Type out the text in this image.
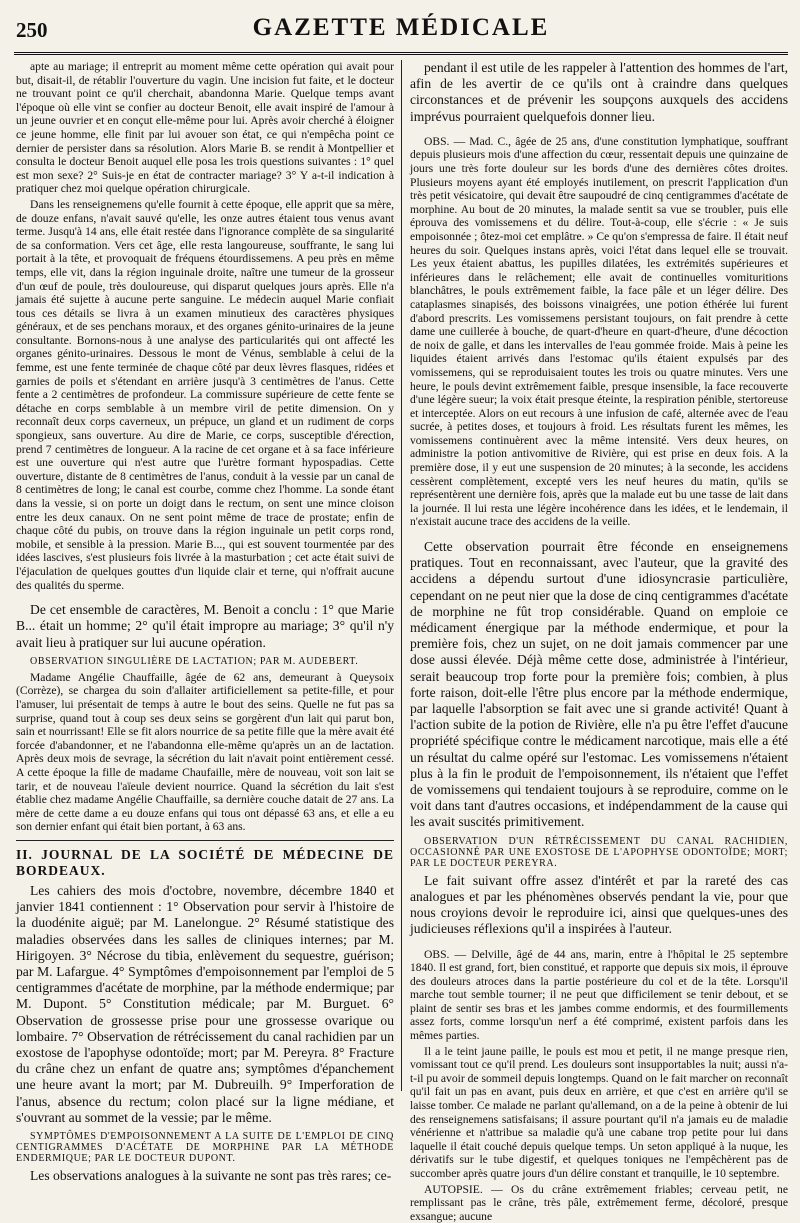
250	GAZETTE MÉDICALE

apte au mariage; il entreprit au moment même cette opération qui avait pour but, disait-il, de rétablir l'ouverture du vagin. Une incision fut faite, et le docteur ne trouvant point ce qu'il cherchait, abandonna Marie. Quelque temps avant l'époque où elle vint se confier au docteur Benoit, elle avait inspiré de l'amour à un jeune ouvrier et en conçut elle-même pour lui. Après avoir cherché à éloigner ce jeune homme, elle finit par lui avouer son état, ce qui n'empêcha point ce dernier de persister dans sa résolution. Alors Marie B. se rendit à Montpellier et consulta le docteur Benoit auquel elle posa les trois questions suivantes : 1° quel est mon sexe? 2° Suis-je en état de contracter mariage? 3° Y a-t-il indication à pratiquer chez moi quelque opération chirurgicale.

Dans les renseignemens qu'elle fournit à cette époque, elle apprit que sa mère, de douze enfans, n'avait sauvé qu'elle, les onze autres étaient tous venus avant terme. Jusqu'à 14 ans, elle était restée dans l'ignorance complète de sa singularité de sa conformation. Vers cet âge, elle resta langoureuse, souffrante, le sang lui portait à la tête, et provoquait de fréquens étourdissemens. A peu près en même temps, elle vit, dans la région inguinale droite, naître une tumeur de la grosseur d'un œuf de poule, très douloureuse, qui disparut quelques jours après. Elle n'a jamais été sujette à aucune perte sanguine. Le médecin auquel Marie confiait tous ces détails se livra à un examen minutieux des caractères physiques généraux, et de ses penchans moraux, et des organes génito-urinaires de la jeune consultante. Bornons-nous à une analyse des particularités qui ont affecté les organes génito-urinaires. Dessous le mont de Vénus, semblable à celui de la femme, est une fente terminée de chaque côté par deux lèvres flasques, ridées et garnies de poils et s'étendant en arrière jusqu'à 3 centimètres de l'anus. Cette fente a 2 centimètres de profondeur. La commissure supérieure de cette fente se détache en corps semblable à un membre viril de petite dimension. On y reconnaît deux corps caverneux, un prépuce, un gland et un rudiment de corps spongieux, sans ouverture. Au dire de Marie, ce corps, susceptible d'érection, prend 7 centimètres de longueur. A la racine de cet organe et à sa face inférieure est une ouverture qui n'est autre que l'urètre formant hypospadias. Cette ouverture, distante de 8 centimètres de l'anus, conduit à la vessie par un canal de 8 centimètres de long; le canal est courbe, comme chez l'homme. La sonde étant dans la vessie, si on porte un doigt dans le rectum, on sent une mince cloison entre les deux canaux. On ne sent point même de trace de prostate; enfin de chaque côté du pubis, on trouve dans la région inguinale un petit corps rond, mobile, et sensible à la pression. Marie B..., qui est souvent tourmentée par des idées lascives, s'est plusieurs fois livrée à la masturbation ; cet acte était suivi de l'éjaculation de quelques gouttes d'un liquide clair et terne, qui n'offrait aucune des qualités du sperme.

De cet ensemble de caractères, M. Benoit a conclu : 1° que Marie B... était un homme; 2° qu'il était impropre au mariage; 3° qu'il n'y avait lieu à pratiquer sur lui aucune opération.

OBSERVATION SINGULIÈRE DE LACTATION; PAR M. AUDEBERT.

Madame Angélie Chauffaille, âgée de 62 ans, demeurant à Queysoix (Corrèze), se chargea du soin d'allaiter artificiellement sa petite-fille, et pour l'amuser, lui présentait de temps à autre le bout des seins. Quelle ne fut pas sa surprise, quand tout à coup ses deux seins se gorgèrent d'un lait qui parut bon, sain et nourrissant! Elle se fit alors nourrice de sa petite fille que la mère avait été forcée d'abandonner, et ne l'abandonna elle-même qu'après un an de lactation. Après deux mois de sevrage, la sécrétion du lait n'avait point entièrement cessé. A cette époque la fille de madame Chaufaille, mère de nouveau, voit son lait se tarir, et de nouveau l'aïeule devient nourrice. Quand la sécrétion du lait s'est établie chez madame Angélie Chauffaille, sa dernière couche datait de 27 ans. La mère de cette dame a eu douze enfans qui tous ont dépassé 63 ans, et elle a eu son dernier enfant qui était bien portant, à 63 ans.

II. JOURNAL DE LA SOCIÉTÉ DE MÉDECINE DE BORDEAUX.

Les cahiers des mois d'octobre, novembre, décembre 1840 et janvier 1841 contiennent : 1° Observation pour servir à l'histoire de la duodénite aiguë; par M. Lanelongue. 2° Résumé statistique des maladies observées dans les salles de cliniques internes; par M. Hirigoyen. 3° Nécrose du tibia, enlèvement du sequestre, guérison; par M. Lafargue. 4° Symptômes d'empoisonnement par l'emploi de 5 centigrammes d'acétate de morphine, par la méthode endermique; par M. Dupont. 5° Constitution médicale; par M. Burguet. 6° Observation de grossesse prise pour une grossesse ovarique ou lombaire. 7° Observation de rétrécissement du canal rachidien par un exostose de l'apophyse odontoïde; mort; par M. Pereyra. 8° Fracture du crâne chez un enfant de quatre ans; symptômes d'épanchement une heure avant la mort; par M. Dubreuilh. 9° Imperforation de l'anus, absence du rectum; colon placé sur la ligne médiane, et s'ouvrant au sommet de la vessie; par le même.

SYMPTÔMES D'EMPOISONNEMENT A LA SUITE DE L'EMPLOI DE CINQ CENTIGRAMMES D'ACÉTATE DE MORPHINE PAR LA MÉTHODE ENDERMIQUE; PAR LE DOCTEUR DUPONT.

Les observations analogues à la suivante ne sont pas très rares; ce-

pendant il est utile de les rappeler à l'attention des hommes de l'art, afin de les avertir de ce qu'ils ont à craindre dans quelques circonstances et de prévenir les soupçons auxquels des accidens imprévus pourraient quelquefois donner lieu.

OBS. — Mad. C., âgée de 25 ans, d'une constitution lymphatique, souffrant depuis plusieurs mois d'une affection du cœur, ressentait depuis une quinzaine de jours une très forte douleur sur les bords d'une des dernières côtes droites. Plusieurs moyens ayant été employés inutilement, on prescrit l'application d'un très petit vésicatoire, qui devait être saupoudré de cinq centigrammes d'acétate de morphine. Au bout de 20 minutes, la malade sentit sa vue se troubler, puis elle éprouva des vomissemens et du délire. Tout-à-coup, elle s'écrie : « Je suis empoisonnée ; ôtez-moi cet emplâtre. » Ce qu'on s'empressa de faire. Il était neuf heures du soir. Quelques instans après, voici l'état dans lequel elle se trouvait. Les yeux étaient abattus, les pupilles dilatées, les extrémités supérieures et inférieures dans le relâchement; elle avait de continuelles vomituritions blanchâtres, le pouls extrêmement faible, la face pâle et un léger délire. Des cataplasmes sinapisés, des boissons vinaigrées, une potion éthérée lui furent d'abord prescrits. Les vomissemens persistant toujours, on fait prendre à cette dame une cuillerée à bouche, de quart-d'heure en quart-d'heure, d'une décoction de noix de galle, et dans les intervalles de l'eau gommée froide. Mais à peine les liquides étaient arrivés dans l'estomac qu'ils étaient expulsés par des vomissemens, qui se reproduisaient toutes les trois ou quatre minutes. Vers une heure, le pouls devint extrêmement faible, presque insensible, la face recouverte d'une légère sueur; la voix était presque éteinte, la respiration pénible, stertoreuse et interceptée. Alors on eut recours à une infusion de café, alternée avec de l'eau sucrée, à petites doses, et toujours à froid. Les résultats furent les mêmes, les vomissemens continuèrent avec la même intensité. Vers deux heures, on administre la potion antivomitive de Rivière, qui est prise en deux fois. A la première dose, il y eut une suspension de 20 minutes; à la seconde, les accidens cessèrent complètement, excepté vers les neuf heures du matin, qu'ils se représentèrent une dernière fois, après que la malade eut bu une tasse de lait dans la journée. Il lui resta une légère incohérence dans les idées, et le lendemain, il n'existait aucune trace des accidens de la veille.

Cette observation pourrait être féconde en enseignemens pratiques. Tout en reconnaissant, avec l'auteur, que la gravité des accidens a dépendu surtout d'une idiosyncrasie particulière, cependant on ne peut nier que la dose de cinq centigrammes d'acétate de morphine ne fût trop considérable. Quand on emploie ce médicament énergique par la méthode endermique, et pour la première fois, chez un sujet, on ne doit jamais commencer par une dose aussi élevée. Déjà même cette dose, administrée à l'intérieur, serait beaucoup trop forte pour la première fois; combien, à plus forte raison, doit-elle l'être plus encore par la méthode endermique, par laquelle l'absorption se fait avec une si grande activité! Quant à l'action subite de la potion de Rivière, elle n'a pu être l'effet d'aucune propriété spécifique contre le médicament narcotique, mais elle a été un résultat du calme opéré sur l'estomac. Les vomissemens n'étaient plus à la fin le produit de l'empoisonnement, ils n'étaient que l'effet de vomissemens qui tendaient toujours à se reproduire, comme on le voit dans tant d'autres occasions, et indépendamment de la cause qui les avait suscités primitivement.

OBSERVATION D'UN RÉTRÉCISSEMENT DU CANAL RACHIDIEN, OCCASIONNÉ PAR UNE EXOSTOSE DE L'APOPHYSE ODONTOÏDE; MORT; PAR LE DOCTEUR PEREYRA.

Le fait suivant offre assez d'intérêt et par la rareté des cas analogues et par les phénomènes observés pendant la vie, pour que nous croyions devoir le reproduire ici, ainsi que quelques-unes des judicieuses réflexions qu'il a inspirées à l'auteur.

OBS. — Delville, âgé de 44 ans, marin, entre à l'hôpital le 25 septembre 1840. Il est grand, fort, bien constitué, et rapporte que depuis six mois, il éprouve des douleurs atroces dans la partie postérieure du col et de la tête. Lorsqu'il marche tout semble tourner; il ne peut que difficilement se tenir debout, et se plaint de sentir ses bras et les jambes comme endormis, et des fourmillements assez forts, comme lorsqu'un nerf a été comprimé, existent parfois dans les mêmes parties.

Il a le teint jaune paille, le pouls est mou et petit, il ne mange presque rien, vomissant tout ce qu'il prend. Les douleurs sont insupportables la nuit; aussi n'a-t-il pu avoir de sommeil depuis longtemps. Quand on le fait marcher on reconnaît qu'il fait un pas en avant, puis deux en arrière, et que c'est en arrière qu'il se laisse tomber. Ce malade ne parlant qu'allemand, on a de la peine à obtenir de lui des renseignemens satisfaisans; il assure pourtant qu'il n'a jamais eu de maladie vénérienne et n'attribue sa maladie qu'à une cabane trop petite pour lui dans laquelle il était couché depuis quelque temps. Un seton appliqué à la nuque, les dérivatifs sur le tube digestif, et quelques toniques ne l'empêchèrent pas de succomber après quatre jours d'un délire constant et tranquille, le 10 septembre.

AUTOPSIE. — Os du crâne extrêmement friables; cerveau petit, ne remplissant pas le crâne, très pâle, extrêmement ferme, décoloré, presque exsangue; aucune
